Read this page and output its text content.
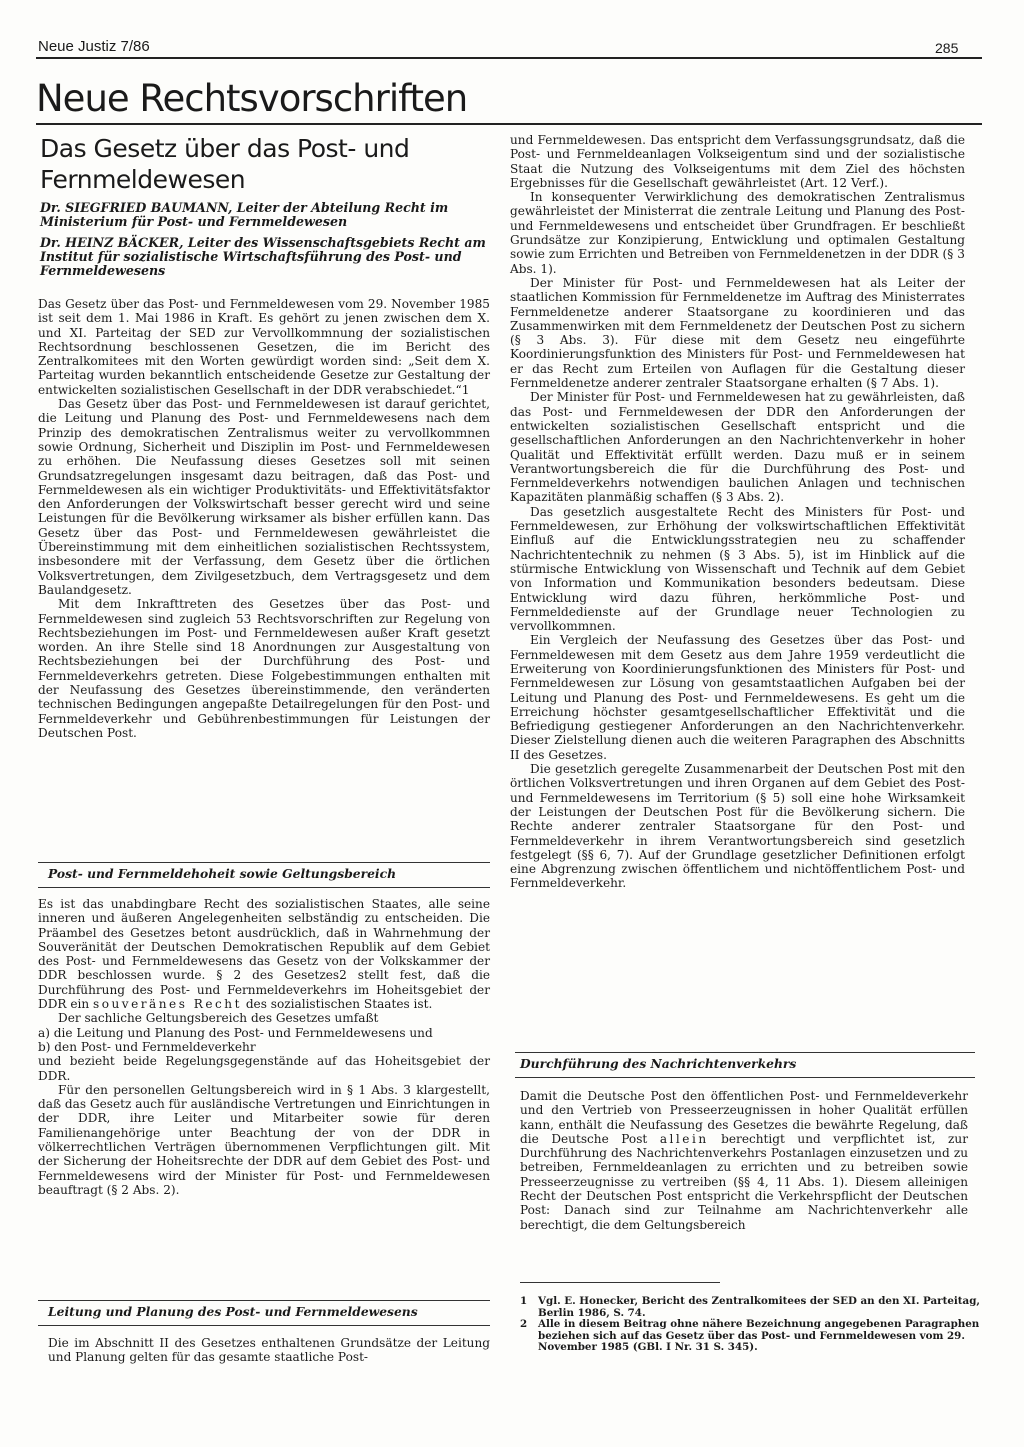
Neue Justiz 7/86	285
Neue Rechtsvorschriften
Das Gesetz über das Post- und Fernmeldewesen
Dr. SIEGFRIED BAUMANN, Leiter der Abteilung Recht im Ministerium für Post- und Fernmeldewesen
Dr. HEINZ BÄCKER, Leiter des Wissenschaftsgebiets Recht am Institut für sozialistische Wirtschaftsführung des Post- und Fernmeldewesens

Das Gesetz über das Post- und Fernmeldewesen vom 29. November 1985 ist seit dem 1. Mai 1986 in Kraft. Es gehört zu jenen zwischen dem X. und XI. Parteitag der SED zur Vervollkommnung der sozialistischen Rechtsordnung beschlossenen Gesetzen, die im Bericht des Zentralkomitees mit den Worten gewürdigt worden sind: „Seit dem X. Parteitag wurden bekanntlich entscheidende Gesetze zur Gestaltung der entwickelten sozialistischen Gesellschaft in der DDR verabschiedet.“1

Das Gesetz über das Post- und Fernmeldewesen ist darauf gerichtet, die Leitung und Planung des Post- und Fernmeldewesens nach dem Prinzip des demokratischen Zentralismus weiter zu vervollkommnen sowie Ordnung, Sicherheit und Disziplin im Post- und Fernmeldewesen zu erhöhen. Die Neufassung dieses Gesetzes soll mit seinen Grundsatzregelungen insgesamt dazu beitragen, daß das Post- und Fernmeldewesen als ein wichtiger Produktivitäts- und Effektivitätsfaktor den Anforderungen der Volkswirtschaft besser gerecht wird und seine Leistungen für die Bevölkerung wirksamer als bisher erfüllen kann. Das Gesetz über das Post- und Fernmeldewesen gewährleistet die Übereinstimmung mit dem einheitlichen sozialistischen Rechtssystem, insbesondere mit der Verfassung, dem Gesetz über die örtlichen Volksvertretungen, dem Zivilgesetzbuch, dem Vertragsgesetz und dem Baulandgesetz.

Mit dem Inkrafttreten des Gesetzes über das Post- und Fernmeldewesen sind zugleich 53 Rechtsvorschriften zur Regelung von Rechtsbeziehungen im Post- und Fernmeldewesen außer Kraft gesetzt worden. An ihre Stelle sind 18 Anordnungen zur Ausgestaltung von Rechtsbeziehungen bei der Durchführung des Post- und Fernmeldeverkehrs getreten. Diese Folgebestimmungen enthalten mit der Neufassung des Gesetzes übereinstimmende, den veränderten technischen Bedingungen angepaßte Detailregelungen für den Post- und Fernmeldeverkehr und Gebührenbestimmungen für Leistungen der Deutschen Post.

Post- und Fernmeldehoheit sowie Geltungsbereich

Es ist das unabdingbare Recht des sozialistischen Staates, alle seine inneren und äußeren Angelegenheiten selbständig zu entscheiden. Die Präambel des Gesetzes betont ausdrücklich, daß in Wahrnehmung der Souveränität der Deutschen Demokratischen Republik auf dem Gebiet des Post- und Fernmeldewesens das Gesetz von der Volkskammer der DDR beschlossen wurde. § 2 des Gesetzes2 stellt fest, daß die Durchführung des Post- und Fernmeldeverkehrs im Hoheitsgebiet der DDR ein souveränes Recht des sozialistischen Staates ist.

Der sachliche Geltungsbereich des Gesetzes umfaßt

a) die Leitung und Planung des Post- und Fernmeldewesens und
b) den Post- und Fernmeldeverkehr

und bezieht beide Regelungsgegenstände auf das Hoheitsgebiet der DDR.

Für den personellen Geltungsbereich wird in § 1 Abs. 3 klargestellt, daß das Gesetz auch für ausländische Vertretungen und Einrichtungen in der DDR, ihre Leiter und Mitarbeiter sowie für deren Familienangehörige unter Beachtung der von der DDR in völkerrechtlichen Verträgen übernommenen Verpflichtungen gilt. Mit der Sicherung der Hoheitsrechte der DDR auf dem Gebiet des Post- und Fernmeldewesens wird der Minister für Post- und Fernmeldewesen beauftragt (§ 2 Abs. 2).

Leitung und Planung des Post- und Fernmeldewesens

Die im Abschnitt II des Gesetzes enthaltenen Grundsätze der Leitung und Planung gelten für das gesamte staatliche Post-

und Fernmeldewesen. Das entspricht dem Verfassungsgrundsatz, daß die Post- und Fernmeldeanlagen Volkseigentum sind und der sozialistische Staat die Nutzung des Volkseigentums mit dem Ziel des höchsten Ergebnisses für die Gesellschaft gewährleistet (Art. 12 Verf.).

In konsequenter Verwirklichung des demokratischen Zentralismus gewährleistet der Ministerrat die zentrale Leitung und Planung des Post- und Fernmeldewesens und entscheidet über Grundfragen. Er beschließt Grundsätze zur Konzipierung, Entwicklung und optimalen Gestaltung sowie zum Errichten und Betreiben von Fernmeldenetzen in der DDR (§ 3 Abs. 1).

Der Minister für Post- und Fernmeldewesen hat als Leiter der staatlichen Kommission für Fernmeldenetze im Auftrag des Ministerrates Fernmeldenetze anderer Staatsorgane zu koordinieren und das Zusammenwirken mit dem Fernmeldenetz der Deutschen Post zu sichern (§ 3 Abs. 3). Für diese mit dem Gesetz neu eingeführte Koordinierungsfunktion des Ministers für Post- und Fernmeldewesen hat er das Recht zum Erteilen von Auflagen für die Gestaltung dieser Fernmeldenetze anderer zentraler Staatsorgane erhalten (§ 7 Abs. 1).

Der Minister für Post- und Fernmeldewesen hat zu gewährleisten, daß das Post- und Fernmeldewesen der DDR den Anforderungen der entwickelten sozialistischen Gesellschaft entspricht und die gesellschaftlichen Anforderungen an den Nachrichtenverkehr in hoher Qualität und Effektivität erfüllt werden. Dazu muß er in seinem Verantwortungsbereich die für die Durchführung des Post- und Fernmeldeverkehrs notwendigen baulichen Anlagen und technischen Kapazitäten planmäßig schaffen (§ 3 Abs. 2).

Das gesetzlich ausgestaltete Recht des Ministers für Post- und Fernmeldewesen, zur Erhöhung der volkswirtschaftlichen Effektivität Einfluß auf die Entwicklungsstrategien neu zu schaffender Nachrichtentechnik zu nehmen (§ 3 Abs. 5), ist im Hinblick auf die stürmische Entwicklung von Wissenschaft und Technik auf dem Gebiet von Information und Kommunikation besonders bedeutsam. Diese Entwicklung wird dazu führen, herkömmliche Post- und Fernmeldedienste auf der Grundlage neuer Technologien zu vervollkommnen.

Ein Vergleich der Neufassung des Gesetzes über das Post- und Fernmeldewesen mit dem Gesetz aus dem Jahre 1959 verdeutlicht die Erweiterung von Koordinierungsfunktionen des Ministers für Post- und Fernmeldewesen zur Lösung von gesamtstaatlichen Aufgaben bei der Leitung und Planung des Post- und Fernmeldewesens. Es geht um die Erreichung höchster gesamtgesellschaftlicher Effektivität und die Befriedigung gestiegener Anforderungen an den Nachrichtenverkehr. Dieser Zielstellung dienen auch die weiteren Paragraphen des Abschnitts II des Gesetzes.

Die gesetzlich geregelte Zusammenarbeit der Deutschen Post mit den örtlichen Volksvertretungen und ihren Organen auf dem Gebiet des Post- und Fernmeldewesens im Territorium (§ 5) soll eine hohe Wirksamkeit der Leistungen der Deutschen Post für die Bevölkerung sichern. Die Rechte anderer zentraler Staatsorgane für den Post- und Fernmeldeverkehr in ihrem Verantwortungsbereich sind gesetzlich festgelegt (§§ 6, 7). Auf der Grundlage gesetzlicher Definitionen erfolgt eine Abgrenzung zwischen öffentlichem und nichtöffentlichem Post- und Fernmeldeverkehr.

Durchführung des Nachrichtenverkehrs

Damit die Deutsche Post den öffentlichen Post- und Fernmeldeverkehr und den Vertrieb von Presseerzeugnissen in hoher Qualität erfüllen kann, enthält die Neufassung des Gesetzes die bewährte Regelung, daß die Deutsche Post allein berechtigt und verpflichtet ist, zur Durchführung des Nachrichtenverkehrs Postanlagen einzusetzen und zu betreiben, Fernmeldeanlagen zu errichten und zu betreiben sowie Presseerzeugnisse zu vertreiben (§§ 4, 11 Abs. 1). Diesem alleinigen Recht der Deutschen Post entspricht die Verkehrspflicht der Deutschen Post: Danach sind zur Teilnahme am Nachrichtenverkehr alle berechtigt, die dem Geltungsbereich

1	Vgl. E. Honecker, Bericht des Zentralkomitees der SED an den XI. Parteitag, Berlin 1986, S. 74.
2	Alle in diesem Beitrag ohne nähere Bezeichnung angegebenen Paragraphen beziehen sich auf das Gesetz über das Post- und Fernmeldewesen vom 29. November 1985 (GBl. I Nr. 31 S. 345).
